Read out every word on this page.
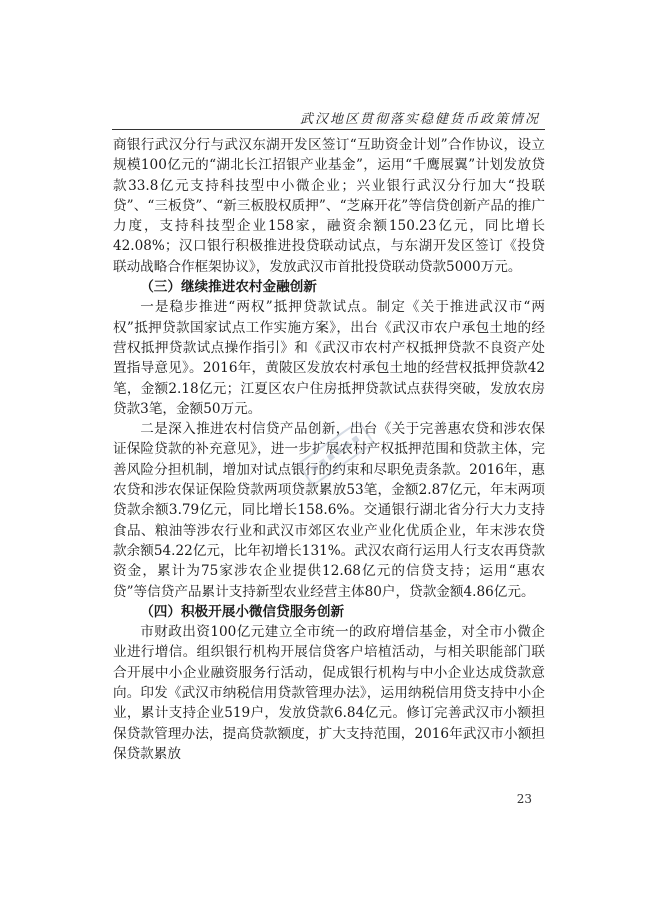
武汉地区贯彻落实稳健货币政策情况

商银行武汉分行与武汉东湖开发区签订“互助资金计划”合作协议，设立规模100亿元的“湖北长江招银产业基金”，运用“千鹰展翼”计划发放贷款33.8亿元支持科技型中小微企业；兴业银行武汉分行加大“投联贷”、“三板贷”、“新三板股权质押”、“芝麻开花”等信贷创新产品的推广力度，支持科技型企业158家，融资余额150.23亿元，同比增长42.08%；汉口银行积极推进投贷联动试点，与东湖开发区签订《投贷联动战略合作框架协议》，发放武汉市首批投贷联动贷款5000万元。

（三）继续推进农村金融创新

一是稳步推进“两权”抵押贷款试点。制定《关于推进武汉市“两权”抵押贷款国家试点工作实施方案》，出台《武汉市农户承包土地的经营权抵押贷款试点操作指引》和《武汉市农村产权抵押贷款不良资产处置指导意见》。2016年，黄陂区发放农村承包土地的经营权抵押贷款42笔，金额2.18亿元；江夏区农户住房抵押贷款试点获得突破，发放农房贷款3笔，金额50万元。

二是深入推进农村信贷产品创新，出台《关于完善惠农贷和涉农保证保险贷款的补充意见》，进一步扩展农村产权抵押范围和贷款主体，完善风险分担机制，增加对试点银行的约束和尽职免责条款。2016年，惠农贷和涉农保证保险贷款两项贷款累放53笔，金额2.87亿元，年末两项贷款余额3.79亿元，同比增长158.6%。交通银行湖北省分行大力支持食品、粮油等涉农行业和武汉市郊区农业产业化优质企业，年末涉农贷款余额54.22亿元，比年初增长131%。武汉农商行运用人行支农再贷款资金，累计为75家涉农企业提供12.68亿元的信贷支持；运用“惠农贷”等信贷产品累计支持新型农业经营主体80户，贷款金额4.86亿元。

（四）积极开展小微信贷服务创新

市财政出资100亿元建立全市统一的政府增信基金，对全市小微企业进行增信。组织银行机构开展信贷客户培植活动，与相关职能部门联合开展中小企业融资服务行活动，促成银行机构与中小企业达成贷款意向。印发《武汉市纳税信用贷款管理办法》，运用纳税信用贷支持中小企业，累计支持企业519户，发放贷款6.84亿元。修订完善武汉市小额担保贷款管理办法，提高贷款额度，扩大支持范围，2016年武汉市小额担保贷款累放

23
